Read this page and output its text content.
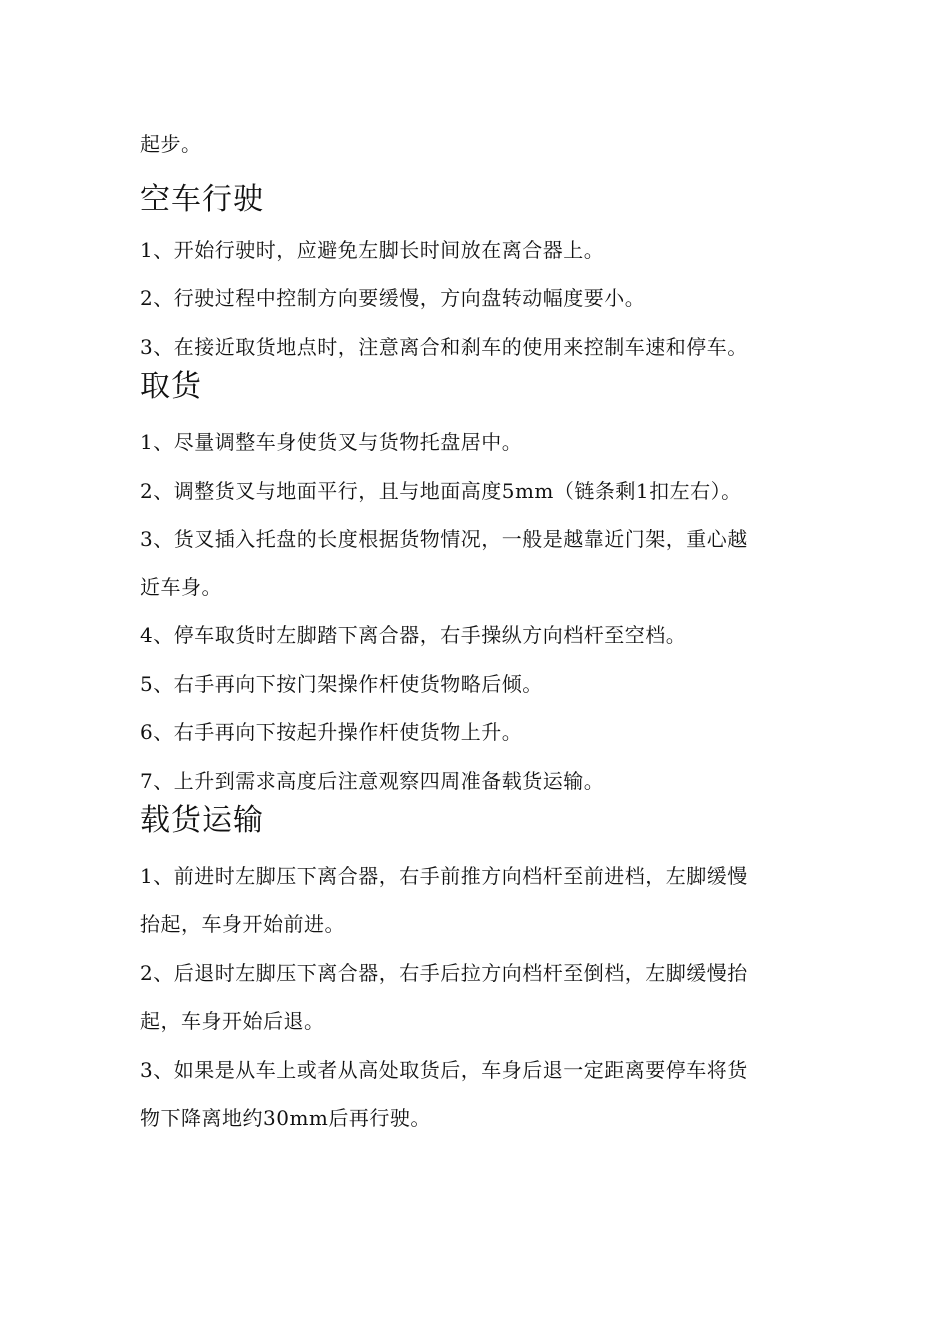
起步。
空车行驶
1、开始行驶时，应避免左脚长时间放在离合器上。
2、行驶过程中控制方向要缓慢，方向盘转动幅度要小。
3、在接近取货地点时，注意离合和刹车的使用来控制车速和停车。
取货
1、尽量调整车身使货叉与货物托盘居中。
2、调整货叉与地面平行，且与地面高度5mm（链条剩1扣左右）。
3、货叉插入托盘的长度根据货物情况，一般是越靠近门架，重心越
近车身。
4、停车取货时左脚踏下离合器，右手操纵方向档杆至空档。
5、右手再向下按门架操作杆使货物略后倾。
6、右手再向下按起升操作杆使货物上升。
7、上升到需求高度后注意观察四周准备载货运输。
载货运输
1、前进时左脚压下离合器，右手前推方向档杆至前进档，左脚缓慢
抬起，车身开始前进。
2、后退时左脚压下离合器，右手后拉方向档杆至倒档，左脚缓慢抬
起，车身开始后退。
3、如果是从车上或者从高处取货后，车身后退一定距离要停车将货
物下降离地约30mm后再行驶。
